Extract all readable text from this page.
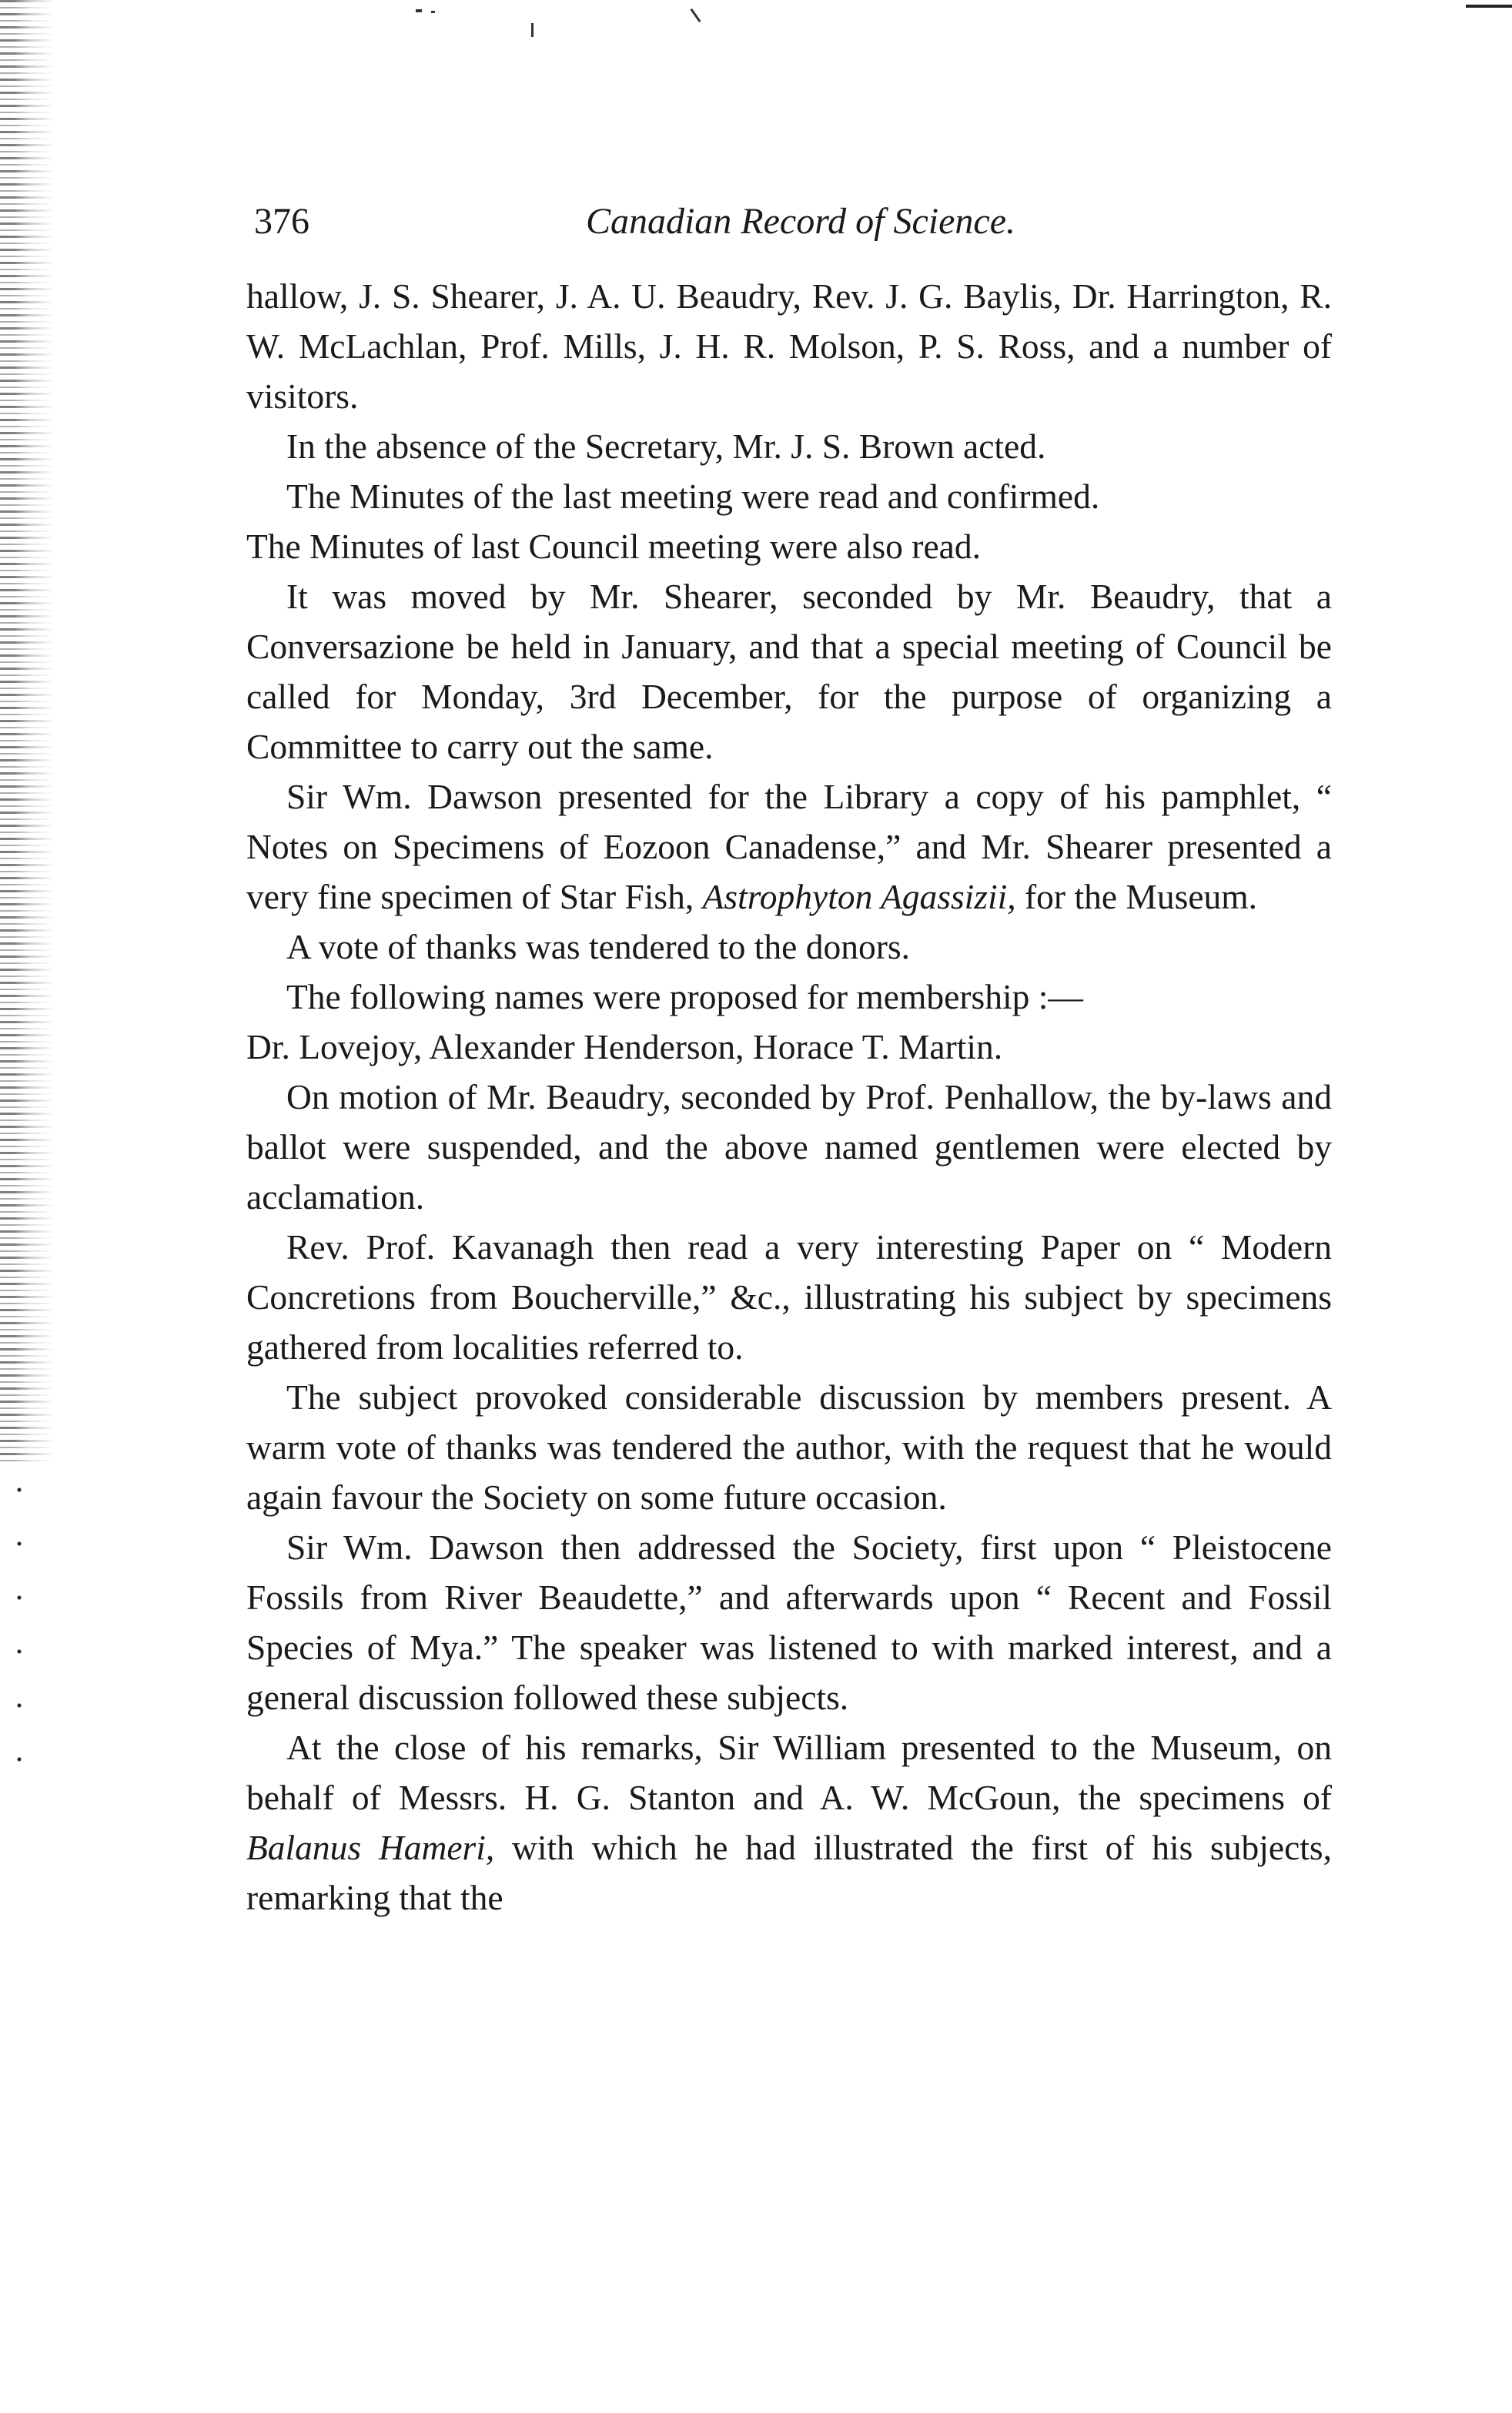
376	Canadian Record of Science.

hallow, J. S. Shearer, J. A. U. Beaudry, Rev. J. G. Baylis, Dr. Harrington, R. W. McLachlan, Prof. Mills, J. H. R. Molson, P. S. Ross, and a number of visitors.

In the absence of the Secretary, Mr. J. S. Brown acted.

The Minutes of the last meeting were read and confirmed.

The Minutes of last Council meeting were also read.

It was moved by Mr. Shearer, seconded by Mr. Beaudry, that a Conversazione be held in January, and that a special meeting of Council be called for Monday, 3rd December, for the purpose of organizing a Committee to carry out the same.

Sir Wm. Dawson presented for the Library a copy of his pamphlet, “ Notes on Specimens of Eozoon Canadense,” and Mr. Shearer presented a very fine specimen of Star Fish, Astrophyton Agassizii, for the Museum.

A vote of thanks was tendered to the donors.

The following names were proposed for membership :—

Dr. Lovejoy, Alexander Henderson, Horace T. Martin.

On motion of Mr. Beaudry, seconded by Prof. Penhallow, the by-laws and ballot were suspended, and the above named gentlemen were elected by acclamation.

Rev. Prof. Kavanagh then read a very interesting Paper on “ Modern Concretions from Boucherville,” &c., illustrating his subject by specimens gathered from localities referred to.

The subject provoked considerable discussion by members present. A warm vote of thanks was tendered the author, with the request that he would again favour the Society on some future occasion.

Sir Wm. Dawson then addressed the Society, first upon “ Pleistocene Fossils from River Beaudette,” and afterwards upon “ Recent and Fossil Species of Mya.” The speaker was listened to with marked interest, and a general discussion followed these subjects.

At the close of his remarks, Sir William presented to the Museum, on behalf of Messrs. H. G. Stanton and A. W. McGoun, the specimens of Balanus Hameri, with which he had illustrated the first of his subjects, remarking that the
